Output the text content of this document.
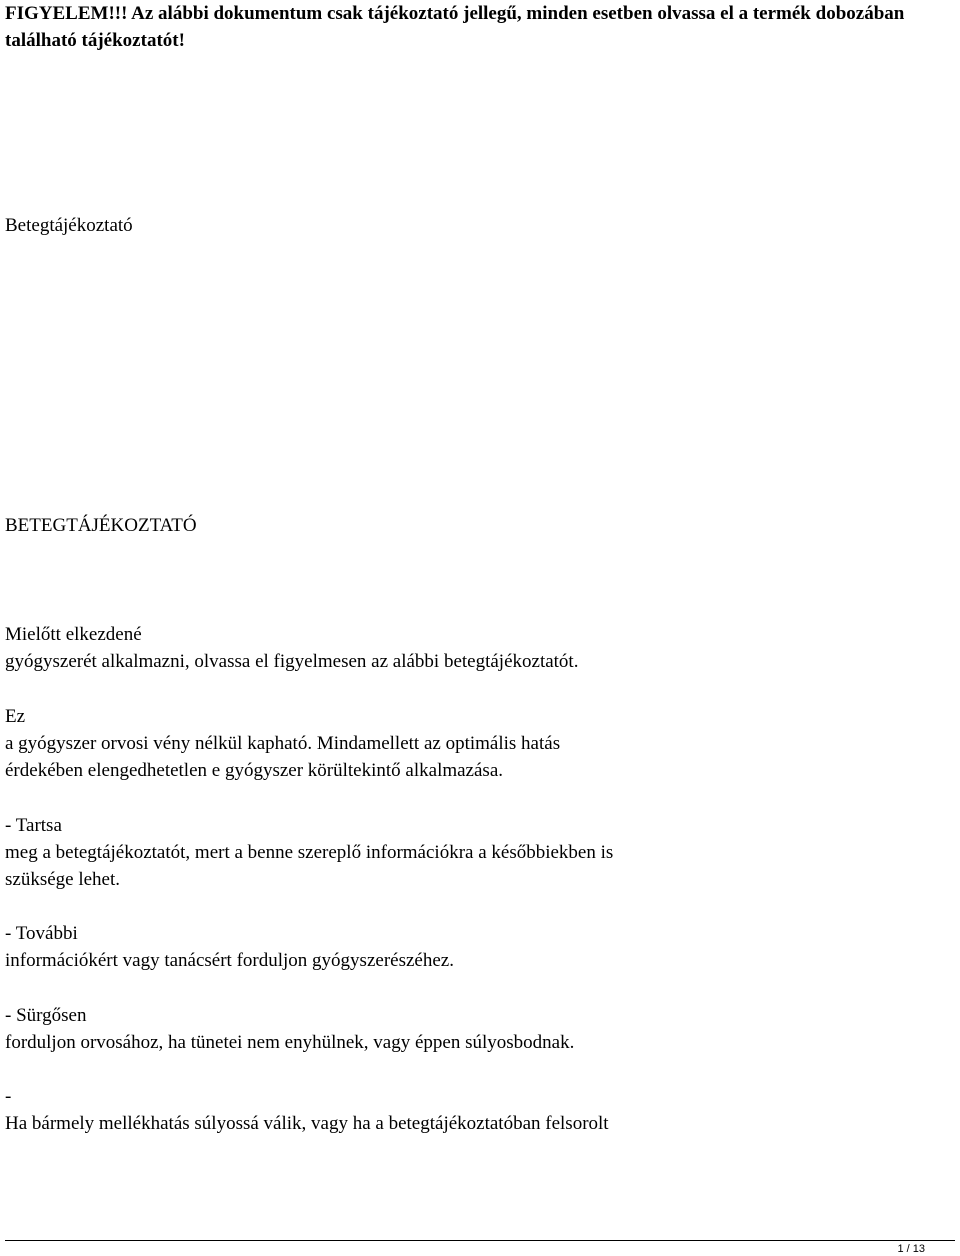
FIGYELEM!!! Az alábbi dokumentum csak tájékoztató jellegű, minden esetben olvassa el a termék dobozában található tájékoztatót!
Betegtájékoztató
BETEGTÁJÉKOZTATÓ
Mielőtt elkezdené
gyógyszerét alkalmazni, olvassa el figyelmesen az alábbi betegtájékoztatót.
Ez
a gyógyszer orvosi vény nélkül kapható. Mindamellett az optimális hatás
érdekében elengedhetetlen e gyógyszer körültekintő alkalmazása.
- Tartsa
meg a betegtájékoztatót, mert a benne szereplő információkra a későbbiekben is
szüksége lehet.
- További
információkért vagy tanácsért forduljon gyógyszerészéhez.
- Sürgősen
forduljon orvosához, ha tünetei nem enyhülnek, vagy éppen súlyosbodnak.
-
Ha bármely mellékhatás súlyossá válik, vagy ha a betegtájékoztatóban felsorolt
1 / 13
